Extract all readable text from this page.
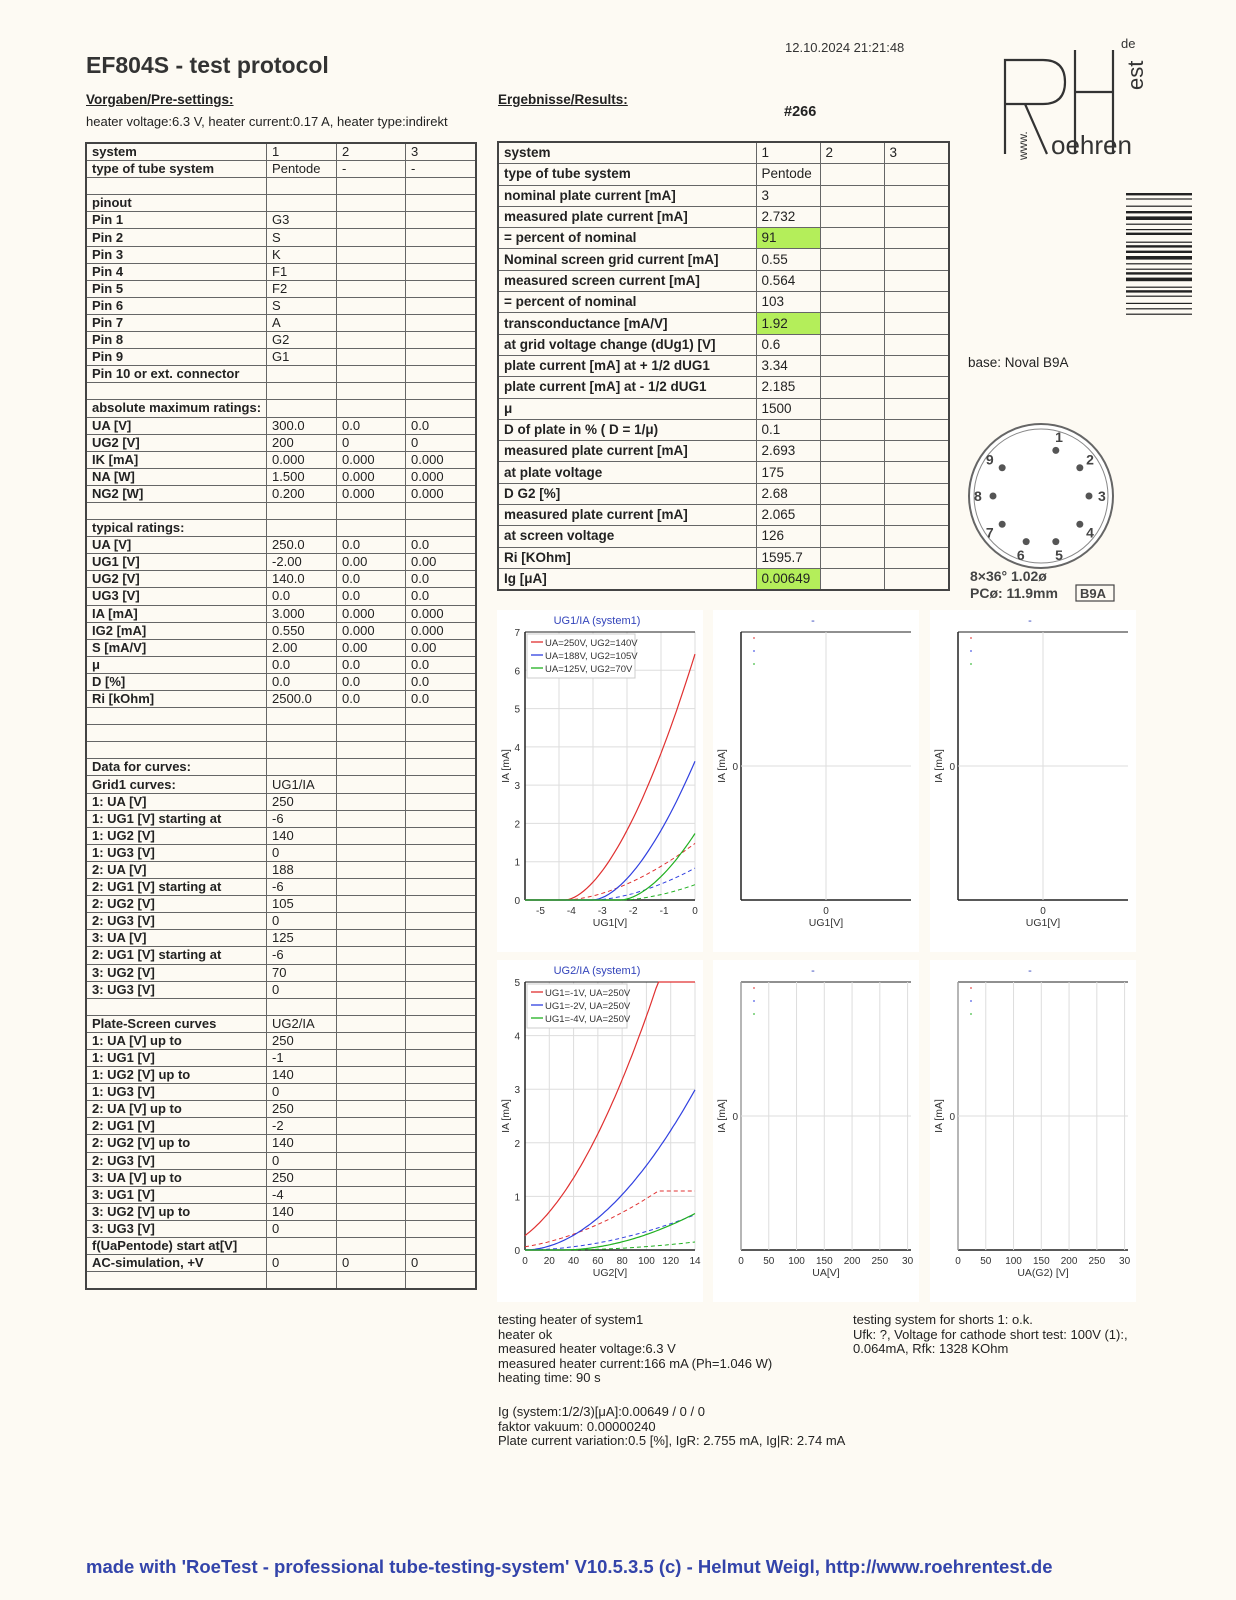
EF804S - test protocol
12.10.2024 21:21:48
Vorgaben/Pre-settings:
heater voltage:6.3 V, heater current:0.17 A, heater type:indirekt
Ergebnisse/Results:
#266
de
www.
est
oehren
base: Noval B9A
1
2
3
4
5
6
7
8
9
8×36° 1.02ø
PCø: 11.9mm B9A
system	1	2	3
type of tube system	Pentode	-	-

pinout			
Pin 1	G3		
Pin 2	S		
Pin 3	K		
Pin 4	F1		
Pin 5	F2		
Pin 6	S		
Pin 7	A		
Pin 8	G2		
Pin 9	G1		
Pin 10 or ext. connector			

absolute maximum ratings:			
UA [V]	300.0	0.0	0.0
UG2 [V]	200	0	0
IK [mA]	0.000	0.000	0.000
NA [W]	1.500	0.000	0.000
NG2 [W]	0.200	0.000	0.000

typical ratings:			
UA [V]	250.0	0.0	0.0
UG1 [V]	-2.00	0.00	0.00
UG2 [V]	140.0	0.0	0.0
UG3 [V]	0.0	0.0	0.0
IA [mA]	3.000	0.000	0.000
IG2 [mA]	0.550	0.000	0.000
S [mA/V]	2.00	0.00	0.00
μ	0.0	0.0	0.0
D [%]	0.0	0.0	0.0
Ri [kOhm]	2500.0	0.0	0.0

Data for curves:			
Grid1 curves:	UG1/IA		
1: UA [V]	250		
1: UG1 [V] starting at	-6		
1: UG2 [V]	140		
1: UG3 [V]	0		
2: UA [V]	188		
2: UG1 [V] starting at	-6		
2: UG2 [V]	105		
2: UG3 [V]	0		
3: UA [V]	125		
2: UG1 [V] starting at	-6		
3: UG2 [V]	70		
3: UG3 [V]	0		

Plate-Screen curves	UG2/IA		
1: UA [V] up to	250		
1: UG1 [V]	-1		
1: UG2 [V] up to	140		
1: UG3 [V]	0		
2: UA [V] up to	250		
2: UG1 [V]	-2		
2: UG2 [V] up to	140		
2: UG3 [V]	0		
3: UA [V] up to	250		
3: UG1 [V]	-4		
3: UG2 [V] up to	140		
3: UG3 [V]	0		
f(UaPentode) start at[V]			
AC-simulation, +V	0	0	0

system	1	2	3
type of tube system	Pentode		
nominal plate current [mA]	3		
measured plate current [mA]	2.732		
= percent of nominal	91		
Nominal screen grid current [mA]	0.55		
measured screen current [mA]	0.564		
= percent of nominal	103		
transconductance [mA/V]	1.92		
at grid voltage change (dUg1) [V]	0.6		
plate current [mA] at + 1/2 dUG1	3.34		
plate current [mA] at - 1/2 dUG1	2.185		
μ	1500		
D of plate in % ( D = 1/μ)	0.1		
measured plate current [mA]	2.693		
at plate voltage	175		
D G2 [%]	2.68		
measured plate current [mA]	2.065		
at screen voltage	126		
Ri [KOhm]	1595.7		
Ig [μA]	0.00649		
UG1/IA (system1)
-5 -4 -3 -2 -1 0
0
1
2
3
4
5
6
7
UG1[V]
IA [mA]
UA=250V, UG2=140V
UA=188V, UG2=105V
UA=125V, UG2=70V
-
UG1[V]
IA [mA] 0
0
-
UG1[V]
IA [mA] 0
0
UG2/IA (system1)
0 20 40 60 80 100 120 14
0
1
2
3
4
5
UG2[V]
IA [mA]
UG1=-1V, UA=250V
UG1=-2V, UA=250V
UG1=-4V, UA=250V
-
UA[V]
IA [mA] 0
0 50 100 150 200 250 30
-
UA(G2) [V]
IA [mA] 0
0 50 100 150 200 250 30
testing heater of system1
heater ok
measured heater voltage:6.3 V
measured heater current:166 mA (Ph=1.046 W)
heating time: 90 s
Ig (system:1/2/3)[μA]:0.00649 / 0 / 0
faktor vakuum: 0.00000240
Plate current variation:0.5 [%], IgR: 2.755 mA, Ig|R: 2.74 mA
testing system for shorts 1: o.k.
Ufk: ?, Voltage for cathode short test: 100V (1):,
0.064mA, Rfk: 1328 KOhm
made with 'RoeTest - professional tube-testing-system' V10.5.3.5 (c) - Helmut Weigl, http://www.roehrentest.de
